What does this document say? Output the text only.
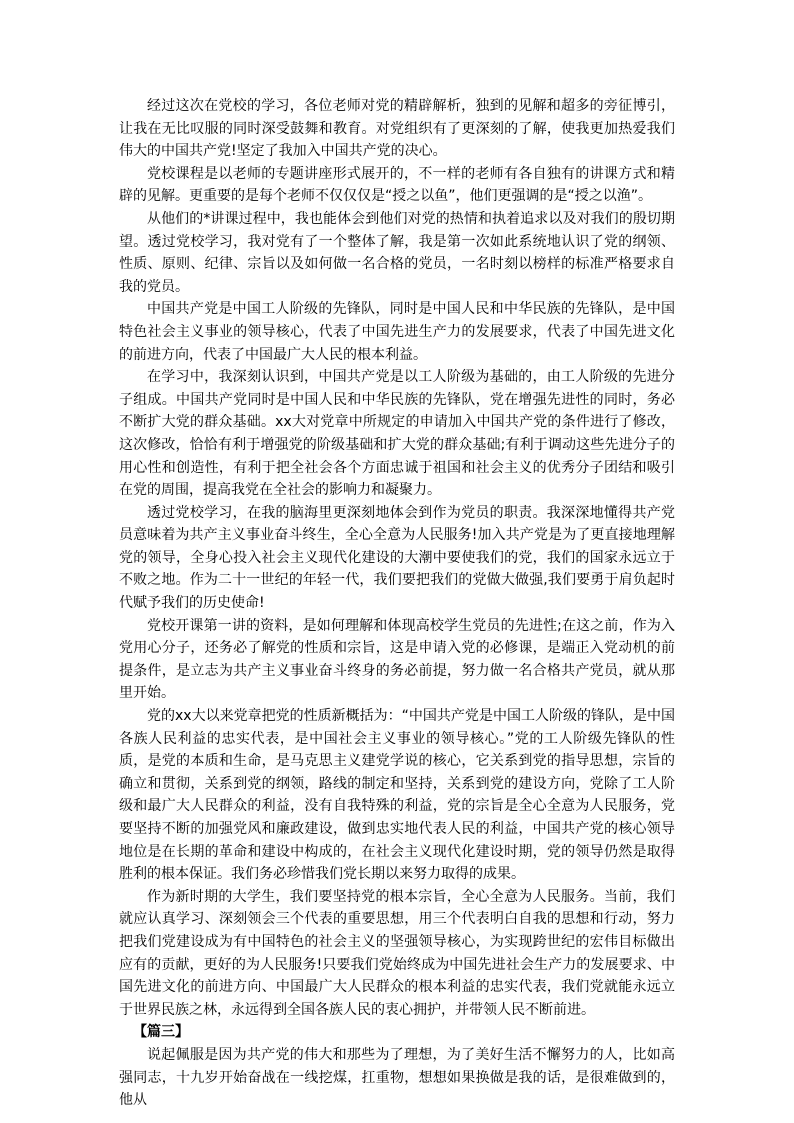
经过这次在党校的学习，各位老师对党的精辟解析，独到的见解和超多的旁征博引，让我在无比叹服的同时深受鼓舞和教育。对党组织有了更深刻的了解，使我更加热爱我们伟大的中国共产党!坚定了我加入中国共产党的决心。

党校课程是以老师的专题讲座形式展开的，不一样的老师有各自独有的讲课方式和精辟的见解。更重要的是每个老师不仅仅仅是“授之以鱼”，他们更强调的是“授之以渔”。

从他们的*讲课过程中，我也能体会到他们对党的热情和执着追求以及对我们的殷切期望。透过党校学习，我对党有了一个整体了解，我是第一次如此系统地认识了党的纲领、性质、原则、纪律、宗旨以及如何做一名合格的党员，一名时刻以榜样的标准严格要求自我的党员。

中国共产党是中国工人阶级的先锋队，同时是中国人民和中华民族的先锋队，是中国特色社会主义事业的领导核心，代表了中国先进生产力的发展要求，代表了中国先进文化的前进方向，代表了中国最广大人民的根本利益。

在学习中，我深刻认识到，中国共产党是以工人阶级为基础的，由工人阶级的先进分子组成。中国共产党同时是中国人民和中华民族的先锋队，党在增强先进性的同时，务必不断扩大党的群众基础。xx大对党章中所规定的申请加入中国共产党的条件进行了修改，这次修改，恰恰有利于增强党的阶级基础和扩大党的群众基础;有利于调动这些先进分子的用心性和创造性，有利于把全社会各个方面忠诚于祖国和社会主义的优秀分子团结和吸引在党的周围，提高我党在全社会的影响力和凝聚力。

透过党校学习，在我的脑海里更深刻地体会到作为党员的职责。我深深地懂得共产党员意味着为共产主义事业奋斗终生，全心全意为人民服务!加入共产党是为了更直接地理解党的领导，全身心投入社会主义现代化建设的大潮中要使我们的党，我们的国家永远立于不败之地。作为二十一世纪的年轻一代，我们要把我们的党做大做强,我们要勇于肩负起时代赋予我们的历史使命!

党校开课第一讲的资料，是如何理解和体现高校学生党员的先进性;在这之前，作为入党用心分子，还务必了解党的性质和宗旨，这是申请入党的必修课，是端正入党动机的前提条件，是立志为共产主义事业奋斗终身的务必前提，努力做一名合格共产党员，就从那里开始。

党的xx大以来党章把党的性质新概括为：“中国共产党是中国工人阶级的锋队，是中国各族人民利益的忠实代表，是中国社会主义事业的领导核心。”党的工人阶级先锋队的性质，是党的本质和生命，是马克思主义建党学说的核心，它关系到党的指导思想，宗旨的确立和贯彻，关系到党的纲领，路线的制定和坚持，关系到党的建设方向，党除了工人阶级和最广大人民群众的利益，没有自我特殊的利益，党的宗旨是全心全意为人民服务，党要坚持不断的加强党风和廉政建设，做到忠实地代表人民的利益，中国共产党的核心领导地位是在长期的革命和建设中构成的，在社会主义现代化建设时期，党的领导仍然是取得胜利的根本保证。我们务必珍惜我们党长期以来努力取得的成果。

作为新时期的大学生，我们要坚持党的根本宗旨，全心全意为人民服务。当前，我们就应认真学习、深刻领会三个代表的重要思想，用三个代表明白自我的思想和行动，努力把我们党建设成为有中国特色的社会主义的坚强领导核心，为实现跨世纪的宏伟目标做出应有的贡献，更好的为人民服务!只要我们党始终成为中国先进社会生产力的发展要求、中国先进文化的前进方向、中国最广大人民群众的根本利益的忠实代表，我们党就能永远立于世界民族之林，永远得到全国各族人民的衷心拥护，并带领人民不断前进。

【篇三】

说起佩服是因为共产党的伟大和那些为了理想，为了美好生活不懈努力的人，比如高强同志，十九岁开始奋战在一线挖煤，扛重物，想想如果换做是我的话，是很难做到的，他从
